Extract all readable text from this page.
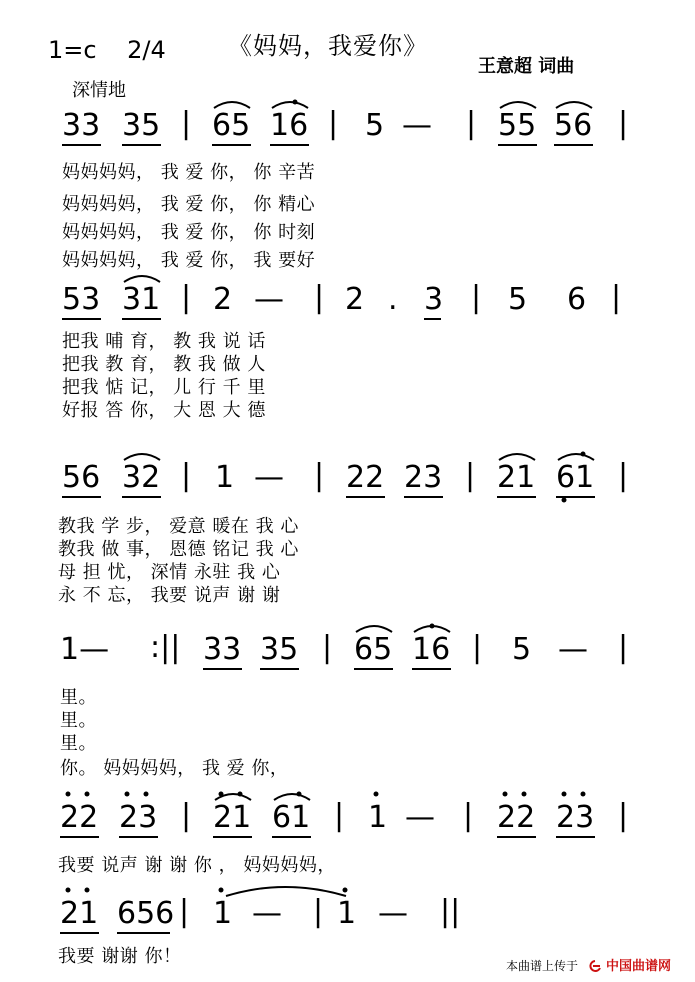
1=c 2/4	《妈妈，我爱你》
王意超 词曲
深情地
33 35 | 65 16 | 5 — | 55 56 |
妈妈妈妈， 我 爱 你， 你 辛苦
妈妈妈妈， 我 爱 你， 你 精心
妈妈妈妈， 我 爱 你， 你 时刻
妈妈妈妈， 我 爱 你， 我 要好
53 31 | 2 — | 2 . 3 | 5 6 |
把我 哺 育， 教 我 说 话
把我 教 育， 教 我 做 人
把我 惦 记， 儿 行 千 里
好报 答 你， 大 恩 大 德
56 32 | 1 — | 22 23 | 21 61 |
教我 学 步， 爱意 暖在 我 心
教我 做 事， 恩德 铭记 我 心
母 担 忧， 深情 永驻 我 心
永 不 忘， 我要 说声 谢 谢
1— :|| 33 35 | 65 16 | 5 — |
里。
里。
里。
你。 妈妈妈妈， 我 爱 你，
22 23 | 21 61 | 1 — | 22 23 |
我要 说声 谢 谢 你 ， 妈妈妈妈，
21 656 | 1 — | 1 — ||
我要 谢谢 你！	本曲谱上传于 中国曲谱网
